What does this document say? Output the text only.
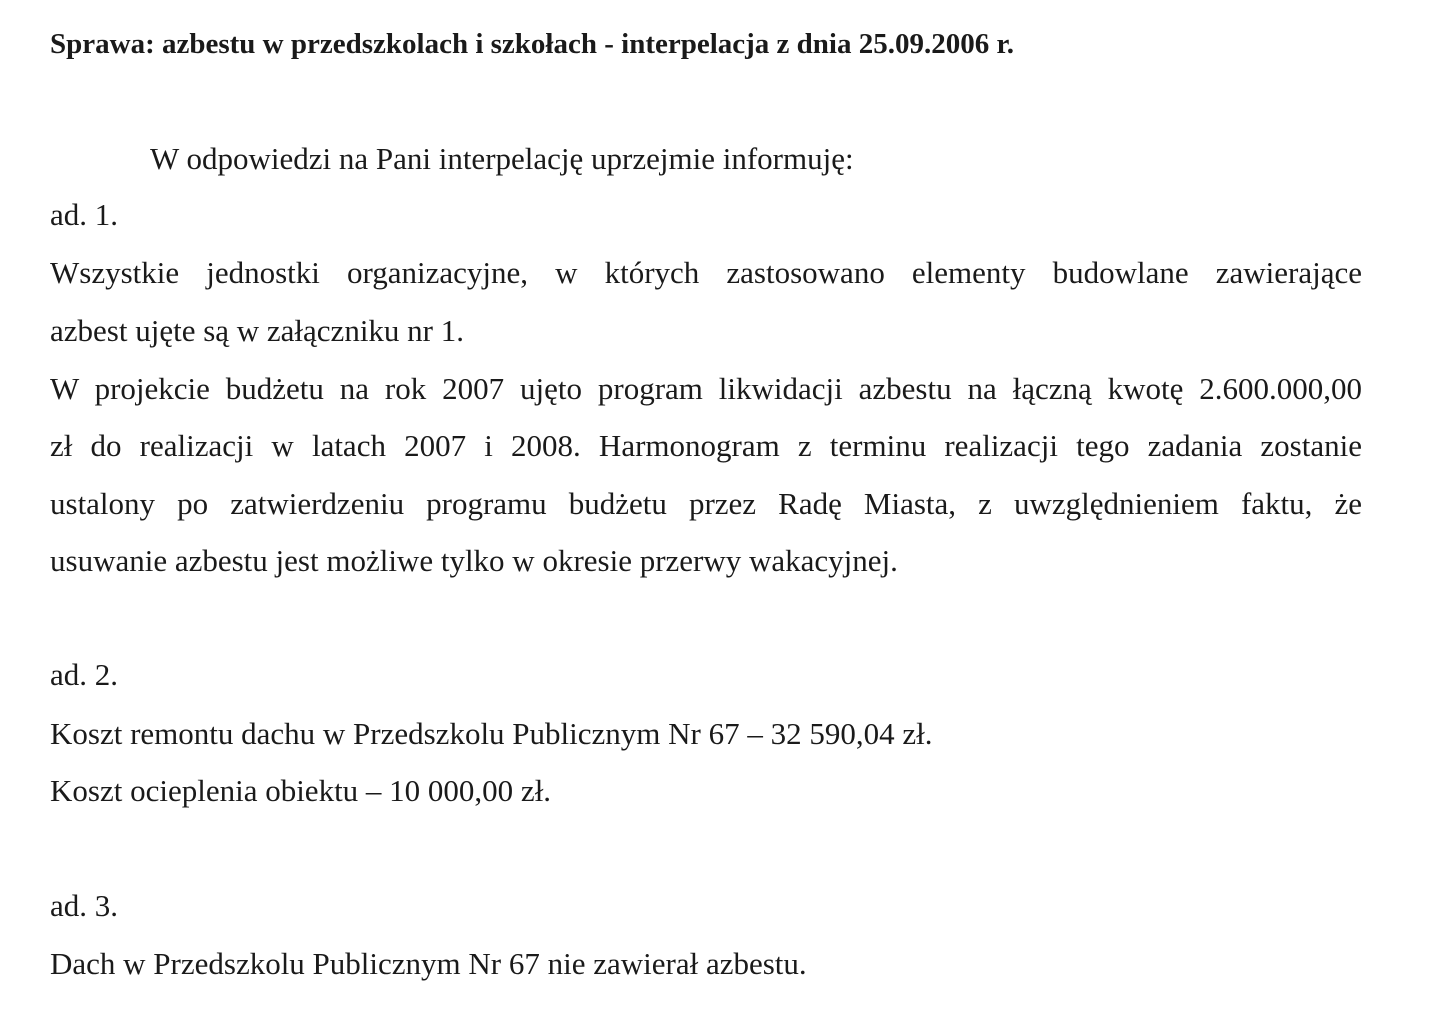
Sprawa: azbestu w przedszkolach i szkołach - interpelacja z dnia 25.09.2006 r.
W odpowiedzi na Pani interpelację uprzejmie informuję:
ad. 1.
Wszystkie jednostki organizacyjne, w których zastosowano elementy budowlane zawierające
azbest ujęte są w załączniku nr 1.
W projekcie budżetu na rok 2007 ujęto program likwidacji azbestu na łączną kwotę 2.600.000,00
zł do realizacji w latach 2007 i 2008. Harmonogram z terminu realizacji tego zadania zostanie
ustalony po zatwierdzeniu programu budżetu przez Radę Miasta, z uwzględnieniem faktu, że
usuwanie azbestu jest możliwe tylko w okresie przerwy wakacyjnej.
ad. 2.
Koszt remontu dachu w Przedszkolu Publicznym Nr 67 – 32 590,04 zł.
Koszt ocieplenia obiektu – 10 000,00 zł.
ad. 3.
Dach w Przedszkolu Publicznym Nr 67 nie zawierał azbestu.
